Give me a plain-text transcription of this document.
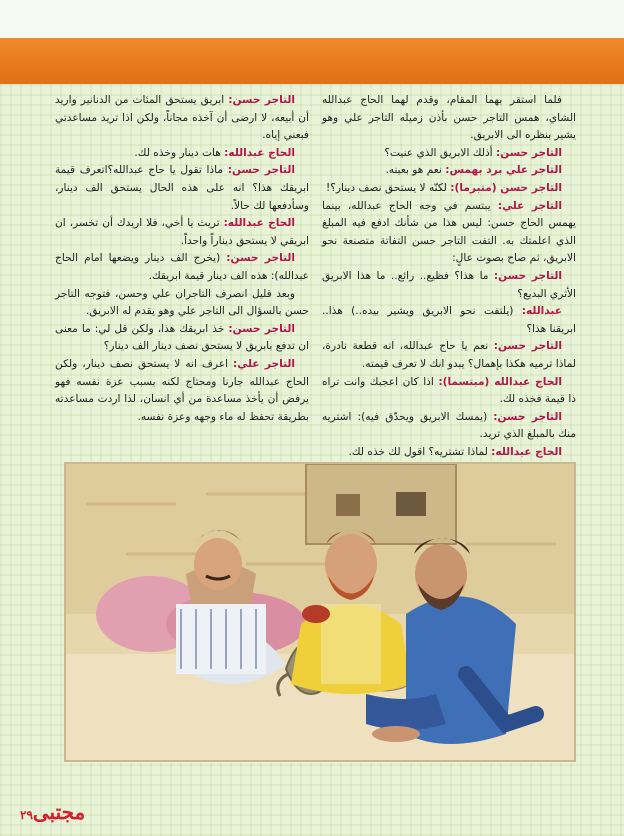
فلما استقر بهما المقام، وقدم لهما الحاج عبدالله الشاي، همس التاجر حسن بأذن زميله التاجر علي وهو يشير بنظره الى الابريق.

التاجر حسن: أذلك الابريق الذي عنيت؟

التاجر علي برد بهمس: نعم هو بعينه.

التاجر حسن (متبرما): لكنّه لا يستحق نصف دينار؟!

التاجر علي: يبتسم في وجه الحاج عبدالله، بينما يهمس الحاج حسن: ليس هذا من شأنك ادفع فيه المبلغ الذي اعلمتك به. التفت التاجر حسن التفاتة متصنعة نحو الابريق، ثم صاح بصوت عالٍ:

التاجر حسن: ما هذا؟ فظيع.. رائع.. ما هذا الابريق الأثري البديع؟

عبدالله: (يلتفت نحو الابريق ويشير بيده..) هذا.. ابريقنا هذا؟

التاجر حسن: نعم يا حاج عبدالله، انه قطعة نادرة، لماذا ترميه هكذا بإهمال؟ يبدو انك لا تعرف قيمته.

الحاج عبدالله (مبتسما): اذا كان اعجبك وانت تراه ذا قيمة فخذه لك.

التاجر حسن: (يمسك الابريق ويحدّق فيه): اشتريه منك بالمبلغ الذي تريد.

الحاج عبدالله: لماذا تشتريه؟ اقول لك خذه لك.

التاجر حسن: ابريق يستحق المئات من الدنانير واريد أن أبيعه، لا ارضى أن آخذه مجاناً، ولكن اذا تريد مساعدتي فبعني إياه.

الحاج عبدالله: هات دينار وخذه لك.

التاجر حسن: ماذا تقول يا حاج عبدالله؟اتعرف قيمة ابريقك هذا؟ انه على هذه الحال يستحق الف دينار، وسأدفعها لك حالاً.

الحاج عبدالله: تريث يا أخي، فلا اريدك أن تخسر، ان ابريقي لا يستحق ديناراً واحداً.

التاجر حسن: (يخرج الف دينار ويضعها امام الحاج عبدالله): هذه الف دينار قيمة ابريقك.

وبعد قليل انصرف التاجران علي وحسن، فتوجه التاجر حسن بالسؤال الى التاجر علي وهو يقدم له الابريق.

التاجر حسن: خذ ابريقك هذا، ولكن قل لي: ما معنى ان تدفع بابريق لا يستحق نصف دينار الف دينار؟

التاجر علي: اعرف انه لا يستحق نصف دينار، ولكن الحاج عبدالله جارنا ومحتاج لكنه بسبب عزة نفسه فهو يرفض أن يأخذ مساعدة من أي انسان، لذا اردت مساعدته بطريقة تحفظ له ماء وجهه وعزة نفسه.

مجتبى٢٩
